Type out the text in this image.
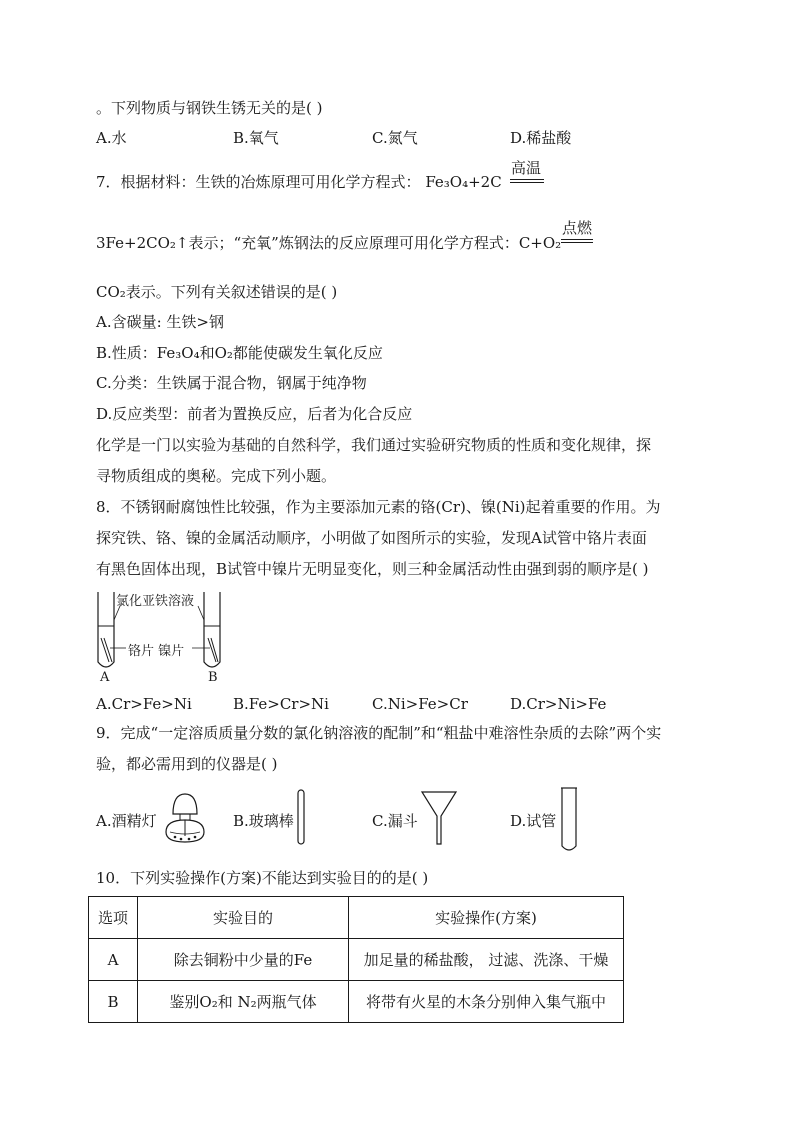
。下列物质与钢铁生锈无关的是( )
A.水	B.氧气	C.氮气	D.稀盐酸
7．根据材料：生铁的冶炼原理可用化学方程式： Fe₃O₄+2C
高温
3Fe+2CO₂↑表示；“充氧”炼钢法的反应原理可用化学方程式：C+O₂
点燃
CO₂表示。下列有关叙述错误的是( )
A.含碳量: 生铁>钢
B.性质：Fe₃O₄和O₂都能使碳发生氧化反应
C.分类：生铁属于混合物，钢属于纯净物
D.反应类型：前者为置换反应，后者为化合反应
化学是一门以实验为基础的自然科学，我们通过实验研究物质的性质和变化规律，探
寻物质组成的奥秘。完成下列小题。
8．不锈钢耐腐蚀性比较强，作为主要添加元素的铬(Cr)、镍(Ni)起着重要的作用。为
探究铁、铬、镍的金属活动顺序，小明做了如图所示的实验，发现A试管中铬片表面
有黑色固体出现，B试管中镍片无明显变化，则三种金属活动性由强到弱的顺序是( )
氯化亚铁溶液
铬片 镍片
A	B
A.Cr>Fe>Ni	B.Fe>Cr>Ni	C.Ni>Fe>Cr	D.Cr>Ni>Fe
9．完成“一定溶质质量分数的氯化钠溶液的配制”和“粗盐中难溶性杂质的去除”两个实
验，都必需用到的仪器是( )
A.酒精灯	B.玻璃棒	C.漏斗	D.试管
10．下列实验操作(方案)不能达到实验目的的是( )
选项	实验目的	实验操作(方案)
A	除去铜粉中少量的Fe	加足量的稀盐酸， 过滤、洗涤、干燥
B	鉴别O₂和 N₂两瓶气体	将带有火星的木条分别伸入集气瓶中
